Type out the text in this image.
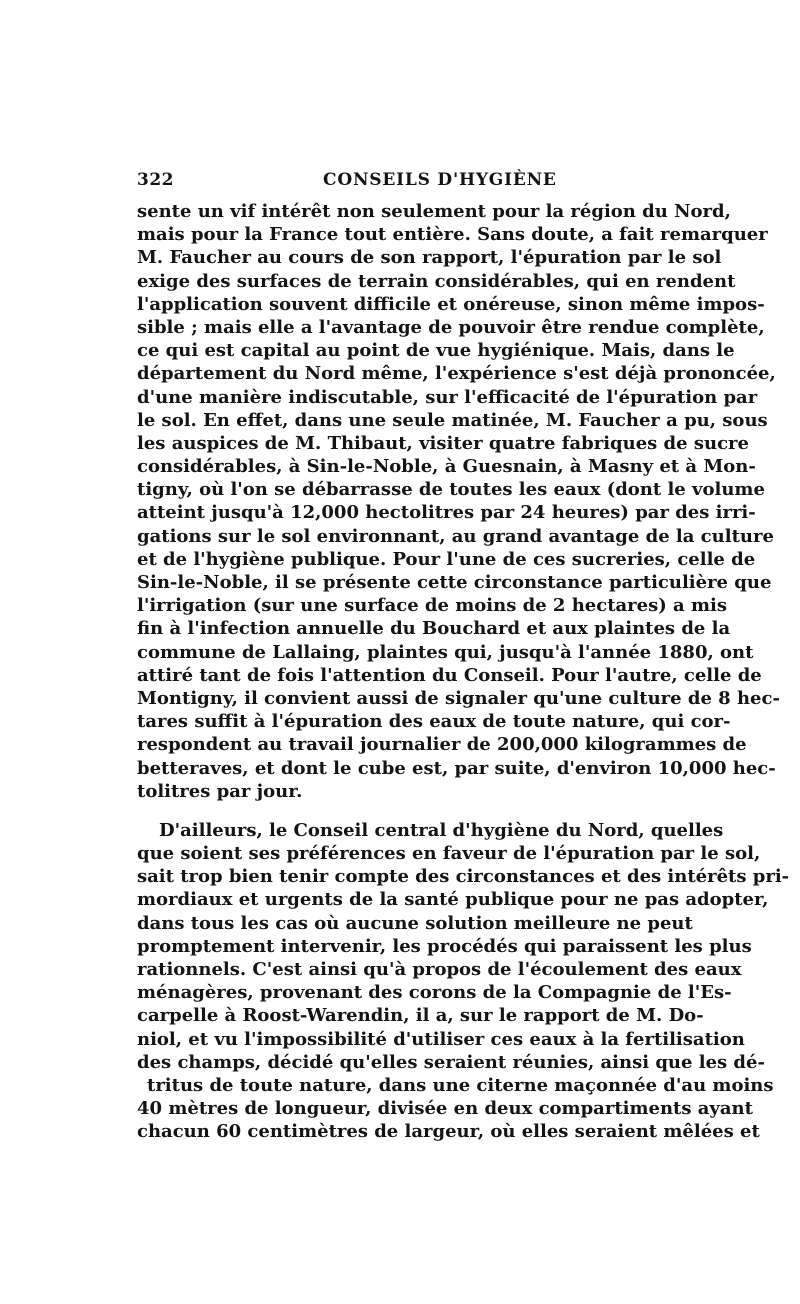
322	CONSEILS D'HYGIÈNE
sente un vif intérêt non seulement pour la région du Nord,
mais pour la France tout entière. Sans doute, a fait remarquer
M. Faucher au cours de son rapport, l'épuration par le sol
exige des surfaces de terrain considérables, qui en rendent
l'application souvent difficile et onéreuse, sinon même impos-
sible ; mais elle a l'avantage de pouvoir être rendue complète,
ce qui est capital au point de vue hygiénique. Mais, dans le
département du Nord même, l'expérience s'est déjà prononcée,
d'une manière indiscutable, sur l'efficacité de l'épuration par
le sol. En effet, dans une seule matinée, M. Faucher a pu, sous
les auspices de M. Thibaut, visiter quatre fabriques de sucre
considérables, à Sin-le-Noble, à Guesnain, à Masny et à Mon-
tigny, où l'on se débarrasse de toutes les eaux (dont le volume
atteint jusqu'à 12,000 hectolitres par 24 heures) par des irri-
gations sur le sol environnant, au grand avantage de la culture
et de l'hygiène publique. Pour l'une de ces sucreries, celle de
Sin-le-Noble, il se présente cette circonstance particulière que
l'irrigation (sur une surface de moins de 2 hectares) a mis
fin à l'infection annuelle du Bouchard et aux plaintes de la
commune de Lallaing, plaintes qui, jusqu'à l'année 1880, ont
attiré tant de fois l'attention du Conseil. Pour l'autre, celle de
Montigny, il convient aussi de signaler qu'une culture de 8 hec-
tares suffit à l'épuration des eaux de toute nature, qui cor-
respondent au travail journalier de 200,000 kilogrammes de
betteraves, et dont le cube est, par suite, d'environ 10,000 hec-
tolitres par jour.
D'ailleurs, le Conseil central d'hygiène du Nord, quelles
que soient ses préférences en faveur de l'épuration par le sol,
sait trop bien tenir compte des circonstances et des intérêts pri-
mordiaux et urgents de la santé publique pour ne pas adopter,
dans tous les cas où aucune solution meilleure ne peut
promptement intervenir, les procédés qui paraissent les plus
rationnels. C'est ainsi qu'à propos de l'écoulement des eaux
ménagères, provenant des corons de la Compagnie de l'Es-
carpelle à Roost-Warendin, il a, sur le rapport de M. Do-
niol, et vu l'impossibilité d'utiliser ces eaux à la fertilisation
des champs, décidé qu'elles seraient réunies, ainsi que les dé-
tritus de toute nature, dans une citerne maçonnée d'au moins
40 mètres de longueur, divisée en deux compartiments ayant
chacun 60 centimètres de largeur, où elles seraient mêlées et
